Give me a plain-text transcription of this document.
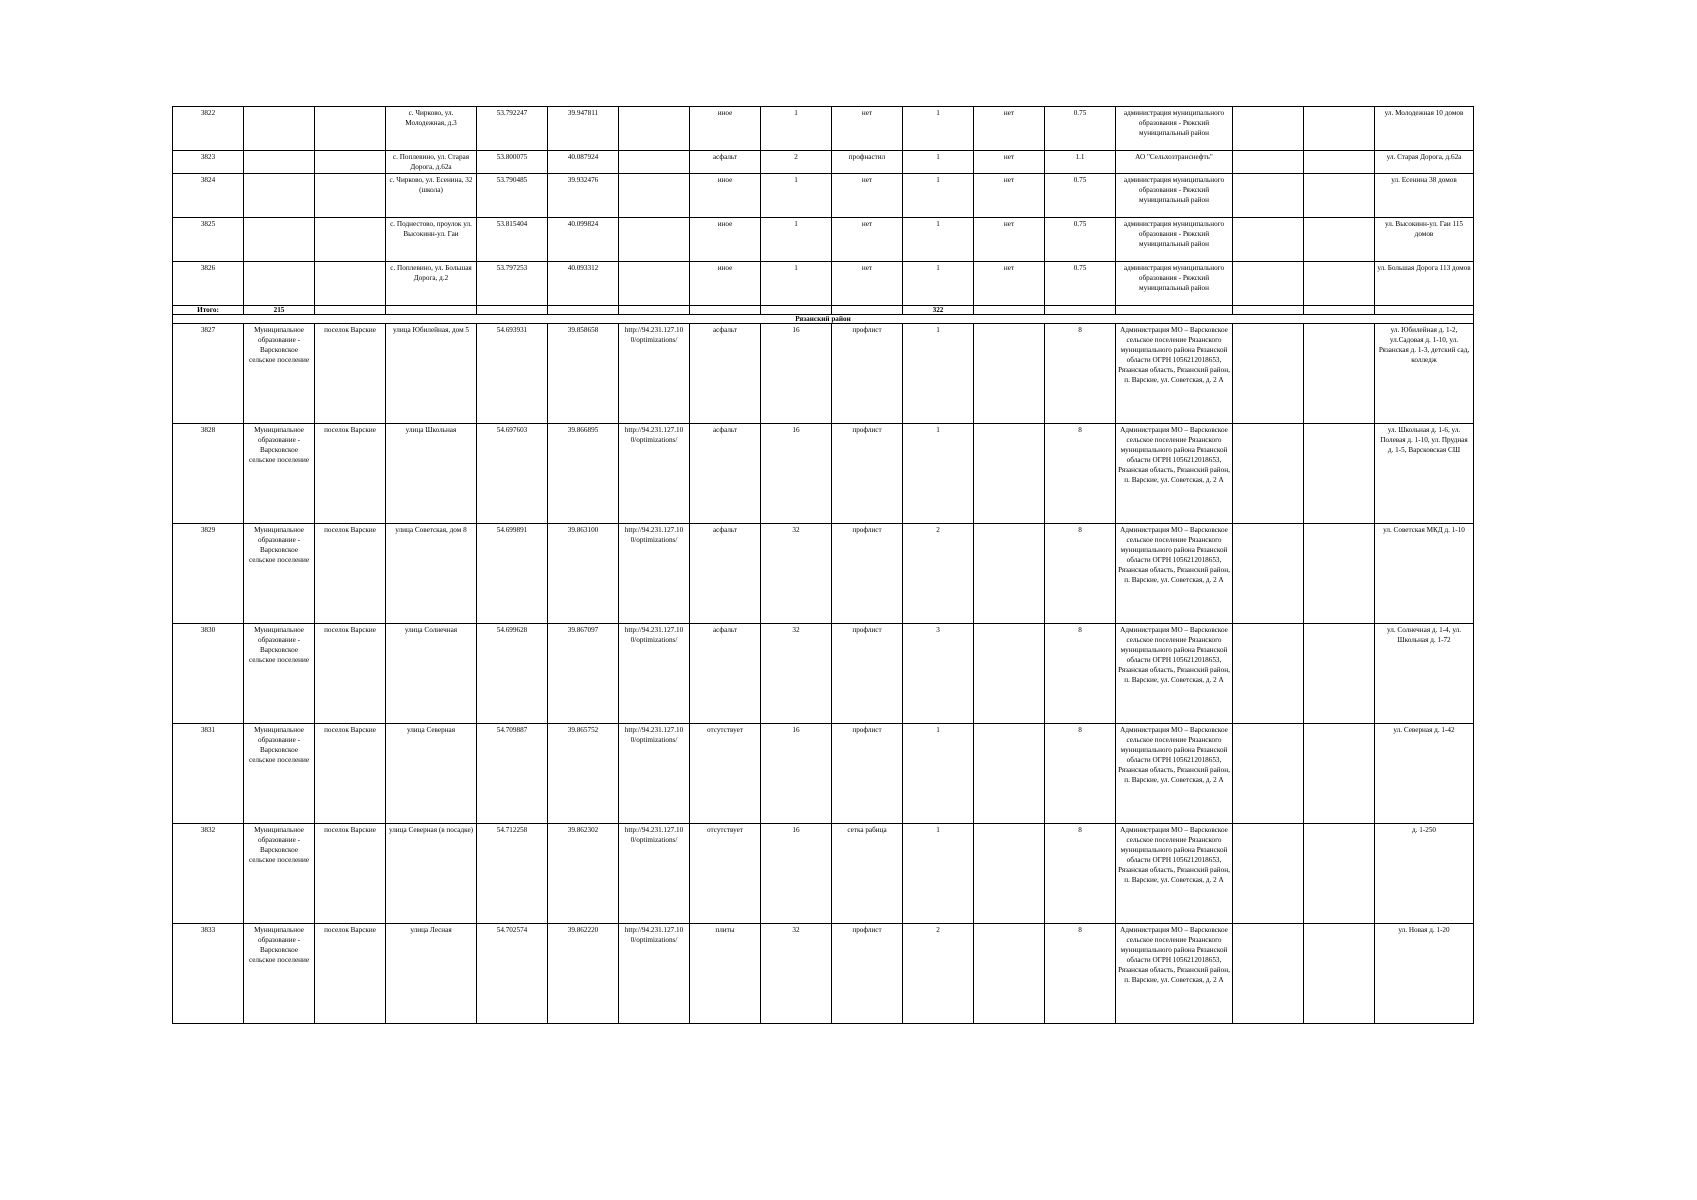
3822			с. Чирково, ул. Молодежная, д.3	53.792247	39.947811		иное	1	нет	1	нет	0.75	администрация муниципального образования - Ряжский муниципальный район			ул. Молодежная 10 домов
3823			с. Поплевино, ул. Старая Дорога, д.62а	53.800075	40.087924		асфальт	2	профнастил	1	нет	1.1	АО "Сельхозтранснефть"			ул. Старая Дорога, д.62а
3824			с. Чирково, ул. Есенина, 32 (школа)	53.790485	39.932476		иное	1	нет	1	нет	0.75	администрация муниципального образования - Ряжский муниципальный район			ул. Есенина 38 домов
3825			с. Поднестово, проулок ул. Высокинн-ул. Гаи	53.815404	40.099824		иное	1	нет	1	нет	0.75	администрация муниципального образования - Ряжский муниципальный район			ул. Высокинн-ул. Гаи 115 домов
3826			с. Поплевино, ул. Большая Дорога, д.2	53.797253	40.093312		иное	1	нет	1	нет	0.75	администрация муниципального образования - Ряжский муниципальный район			ул. Большая Дорога 113 домов
Итого:	215									322						
Рязанский район																
3827	Муниципальное образование - Варсковское сельское поселение	поселок Варские	улица Юбилейная, дом 5	54.693931	39.858658	http://94.231.127.10 0/optimizations/	асфальт	16	профлист	1		8	Администрация МО – Варсковское сельское поселение Рязанского муниципального района Рязанской области ОГРН 1056212018653, Рязанская область, Рязанский район, п. Варские, ул. Советская, д. 2 А			ул. Юбилейная д. 1-2, ул.Садовая д. 1-10, ул. Рязанская д. 1-3, детский сад, колледж
3828	Муниципальное образование - Варсковское сельское поселение	поселок Варские	улица Школьная	54.697603	39.866895	http://94.231.127.10 0/optimizations/	асфальт	16	профлист	1		8	Администрация МО – Варсковское сельское поселение Рязанского муниципального района Рязанской области ОГРН 1056212018653, Рязанская область, Рязанский район, п. Варские, ул. Советская, д. 2 А			ул. Школьная д. 1-6, ул. Полевая д. 1-10, ул. Прудная д. 1-5, Варсковская СШ
3829	Муниципальное образование - Варсковское сельское поселение	поселок Варские	улица Советская, дом 8	54.699891	39.863100	http://94.231.127.10 0/optimizations/	асфальт	32	профлист	2		8	Администрация МО – Варсковское сельское поселение Рязанского муниципального района Рязанской области ОГРН 1056212018653, Рязанская область, Рязанский район, п. Варские, ул. Советская, д. 2 А			ул. Советская МКД д. 1-10
3830	Муниципальное образование - Варсковское сельское поселение	поселок Варские	улица Солнечная	54.699628	39.867097	http://94.231.127.10 0/optimizations/	асфальт	32	профлист	3		8	Администрация МО – Варсковское сельское поселение Рязанского муниципального района Рязанской области ОГРН 1056212018653, Рязанская область, Рязанский район, п. Варские, ул. Советская, д. 2 А			ул. Солнечная д. 1-4, ул. Школьная д. 1-72
3831	Муниципальное образование - Варсковское сельское поселение	поселок Варские	улица Северная	54.709887	39.865752	http://94.231.127.10 0/optimizations/	отсутствует	16	профлист	1		8	Администрация МО – Варсковское сельское поселение Рязанского муниципального района Рязанской области ОГРН 1056212018653, Рязанская область, Рязанский район, п. Варские, ул. Советская, д. 2 А			ул. Северная д. 1-42
3832	Муниципальное образование - Варсковское сельское поселение	поселок Варские	улица Северная (в посадке)	54.712258	39.862302	http://94.231.127.10 0/optimizations/	отсутствует	16	сетка рабица	1		8	Администрация МО – Варсковское сельское поселение Рязанского муниципального района Рязанской области ОГРН 1056212018653, Рязанская область, Рязанский район, п. Варские, ул. Советская, д. 2 А			д. 1-250
3833	Муниципальное образование - Варсковское сельское поселение	поселок Варские	улица Лесная	54.702574	39.862220	http://94.231.127.10 0/optimizations/	плиты	32	профлист	2		8	Администрация МО – Варсковское сельское поселение Рязанского муниципального района Рязанской области ОГРН 1056212018653, Рязанская область, Рязанский район, п. Варские, ул. Советская, д. 2 А			ул. Новая д. 1-20
